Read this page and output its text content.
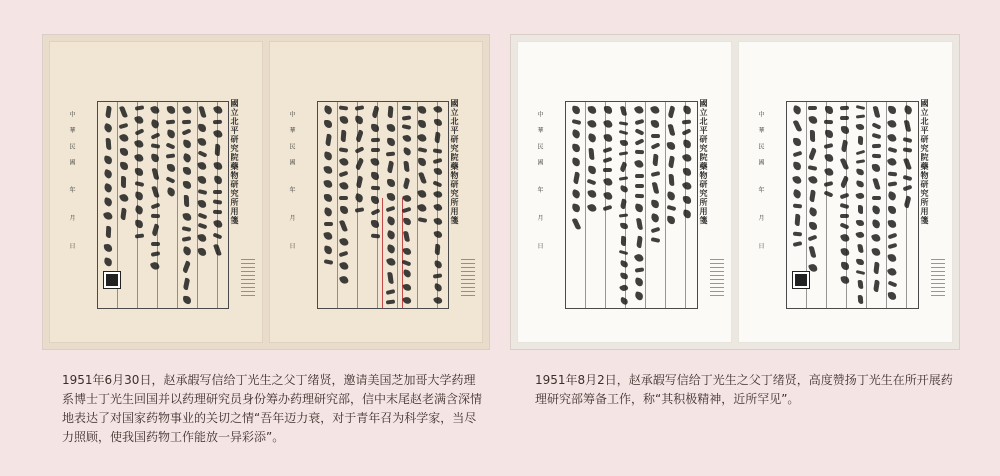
國立北平研究院藥物研究所用箋
中華民國 年 月 日	國立北平研究院藥物研究所用箋
中華民國 年 月 日	國立北平研究院藥物研究所用箋
中華民國 年 月 日	國立北平研究院藥物研究所用箋
中華民國 年 月 日
1951年6月30日，赵承嘏写信给丁光生之父丁绪贤，邀请美国芝加哥大学药理系博士丁光生回国并以药理研究员身份筹办药理研究部，信中末尾赵老满含深情地表达了对国家药物事业的关切之情“吾年迈力衰，对于青年召为科学家，当尽力照顾，使我国药物工作能放一异彩添”。
1951年8月2日，赵承嘏写信给丁光生之父丁绪贤，高度赞扬丁光生在所开展药理研究部筹备工作，称“其积极精神，近所罕见”。
